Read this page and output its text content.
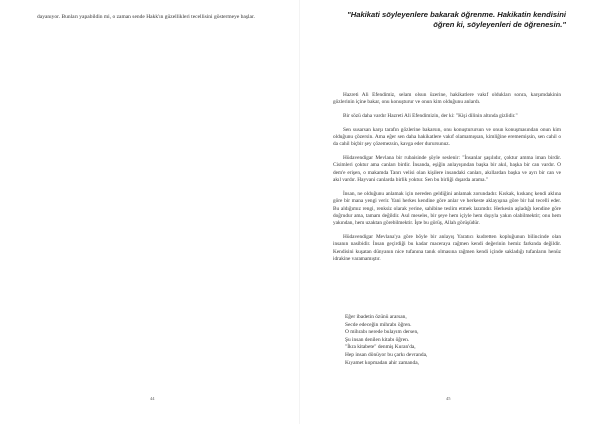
dayanıyor. Bunları yapabildin mi, o zaman sende Hakk'ın güzellikleri tecellisini göstermeye başlar.

44

"Hakikati söyleyenlere bakarak öğrenme. Hakikatin kendisini öğren ki, söyleyenleri de öğrenesin."

Hazreti Ali Efendimiz, selam olsun üzerine, hakikatlere vakıf oldukları sonra, karşımdakinin gözlerinin içine bakar, onu konuşturur ve onun kim olduğunu anlardı.

Bir sözü daha vardır Hazreti Ali Efendimizin, der ki: "Kişi dilinin altında gizlidir."

Sen susarsan karşı tarafın gözlerine bakarsın, onu konuşturursun ve onun konuşmasından onun kim olduğunu çözersin. Ama eğer sen daha hakikatlere vakıf olamamışsan, kimliğine erememişsin, sen cahil o da cahil biçbir şey çözemezsin, kavga eder durursunuz.

Hüdavendigar Mevlana bir rubaisinde şöyle seslenir: "İnsanlar şaşılıdır, çoktur amma iman birdir. Cisimleri çoktur ama canları birdir. İnsanda, eşiğin anlayışından başka bir akıl, başka bir can vardır. O dem'e erişen, o makamda Tanrı velisi olan kişilere insandaki canları, akıllardan başka ve ayrı bir can ve akıl vardır. Hayvani canlarda birlik yoktur. Sen bu birliği dışarda arama."

İnsan, ne olduğunu anlamak için nereden geldiğini anlamak zorundadır. Kıskak, kıskanç kendi aklına göre bir mana yengi verir. Yani herkes kendine göre anlar ve herkeste aklayışına göre bir hal tecelli eder. Bu aldığımız rengi, renksiz olarak yerine, sahibine teslim etmek lazımdır. Herkesin aşladığı kendine göre doğrudur ama, tamam değildir. Asıl meseleı, bir şeye hem içiyle hem dışıyla yakın olabilmektir; onu hem yakından, hem uzaktan görebilmektir. İşte bu görüş, Allah görüşüdür.

Hüdavendigar Mevlana'ya göre böyle bir anlayış Yaratıcı kudretten kopluğunun bilincinde olan insanın nasibidir. İnsan geçirdiği bu kadar maceraya rağmen kendi değerinin hemiz farkında değildir. Kendisini kuşatan dünyanın nice tufanına tanık olmasına rağmen kendi içinde sakladığı tufanların henüz idrakine varamamıştır.

Eğer ibadetin özünü ararsan,
Secde edeceğin mihrabı öğren.
O mihrabı nerede bulayım dersen,
Şu insan denilen kitabı öğren.
"İkra kitabete" denmiş Kuran'da,
Hep insan dönüyor bu çarkı devranda,
Kıyamet kopmadan ahir zamanda,
45
